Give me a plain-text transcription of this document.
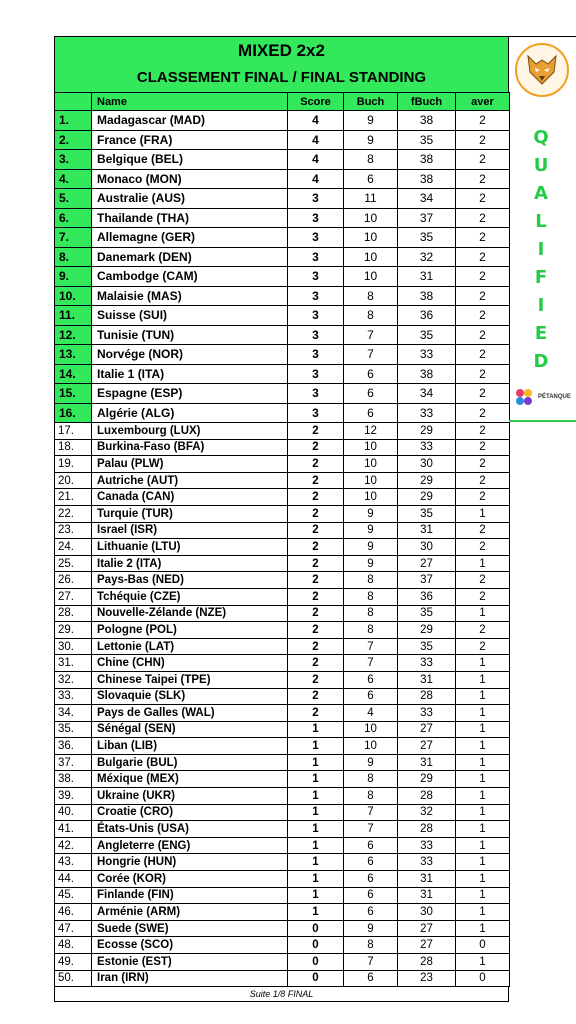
MIXED 2x2
CLASSEMENT FINAL / FINAL STANDING
	Name	Score	Buch	fBuch	aver
1.	Madagascar (MAD)	4	9	38	2
2.	France (FRA)	4	9	35	2
3.	Belgique (BEL)	4	8	38	2
4.	Monaco (MON)	4	6	38	2
5.	Australie (AUS)	3	11	34	2
6.	Thailande (THA)	3	10	37	2
7.	Allemagne (GER)	3	10	35	2
8.	Danemark (DEN)	3	10	32	2
9.	Cambodge (CAM)	3	10	31	2
10.	Malaisie (MAS)	3	8	38	2
11.	Suisse (SUI)	3	8	36	2
12.	Tunisie (TUN)	3	7	35	2
13.	Norvége (NOR)	3	7	33	2
14.	Italie 1 (ITA)	3	6	38	2
15.	Espagne (ESP)	3	6	34	2
16.	Algérie (ALG)	3	6	33	2
17.	Luxembourg (LUX)	2	12	29	2
18.	Burkina-Faso (BFA)	2	10	33	2
19.	Palau (PLW)	2	10	30	2
20.	Autriche (AUT)	2	10	29	2
21.	Canada (CAN)	2	10	29	2
22.	Turquie (TUR)	2	9	35	1
23.	Israel (ISR)	2	9	31	2
24.	Lithuanie (LTU)	2	9	30	2
25.	Italie 2 (ITA)	2	9	27	1
26.	Pays-Bas (NED)	2	8	37	2
27.	Tchéquie (CZE)	2	8	36	2
28.	Nouvelle-Zélande (NZE)	2	8	35	1
29.	Pologne (POL)	2	8	29	2
30.	Lettonie (LAT)	2	7	35	2
31.	Chine (CHN)	2	7	33	1
32.	Chinese Taipei (TPE)	2	6	31	1
33.	Slovaquie (SLK)	2	6	28	1
34.	Pays de Galles (WAL)	2	4	33	1
35.	Sénégal (SEN)	1	10	27	1
36.	Liban (LIB)	1	10	27	1
37.	Bulgarie (BUL)	1	9	31	1
38.	Méxique (MEX)	1	8	29	1
39.	Ukraine (UKR)	1	8	28	1
40.	Croatie (CRO)	1	7	32	1
41.	États-Unis (USA)	1	7	28	1
42.	Angleterre (ENG)	1	6	33	1
43.	Hongrie (HUN)	1	6	33	1
44.	Corée (KOR)	1	6	31	1
45.	Finlande (FIN)	1	6	31	1
46.	Arménie (ARM)	1	6	30	1
47.	Suede (SWE)	0	9	27	1
48.	Ecosse (SCO)	0	8	27	0
49.	Estonie (EST)	0	7	28	1
50.	Iran (IRN)	0	6	23	0
Suite 1/8 FINAL
Q
U
A
L
I
F
I
E
D
PÉTANQUE
